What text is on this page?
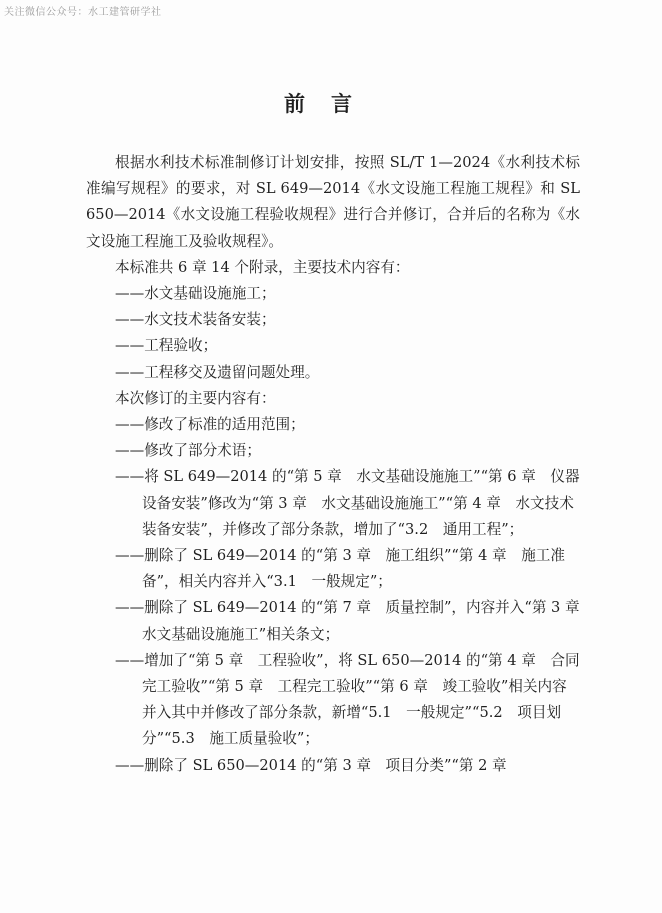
关注微信公众号：水工建管研学社
前言

根据水利技术标准制修订计划安排，按照 SL/T 1—2024《水利技术标准编写规程》的要求，对 SL 649—2014《水文设施工程施工规程》和 SL 650—2014《水文设施工程验收规程》进行合并修订，合并后的名称为《水文设施工程施工及验收规程》。

本标准共 6 章 14 个附录，主要技术内容有：

——水文基础设施施工；

——水文技术装备安装；

——工程验收；

——工程移交及遗留问题处理。

本次修订的主要内容有：

——修改了标准的适用范围；

——修改了部分术语；

——将 SL 649—2014 的“第 5 章　水文基础设施施工”“第 6 章　仪器设备安装”修改为“第 3 章　水文基础设施施工”“第 4 章　水文技术装备安装”，并修改了部分条款，增加了“3.2　通用工程”；

——删除了 SL 649—2014 的“第 3 章　施工组织”“第 4 章　施工准备”，相关内容并入“3.1　一般规定”；

——删除了 SL 649—2014 的“第 7 章　质量控制”，内容并入“第 3 章　水文基础设施施工”相关条文；

——增加了“第 5 章　工程验收”，将 SL 650—2014 的“第 4 章　合同完工验收”“第 5 章　工程完工验收”“第 6 章　竣工验收”相关内容并入其中并修改了部分条款，新增“5.1　一般规定”“5.2　项目划分”“5.3　施工质量验收”；

——删除了 SL 650—2014 的“第 3 章　项目分类”“第 2 章
